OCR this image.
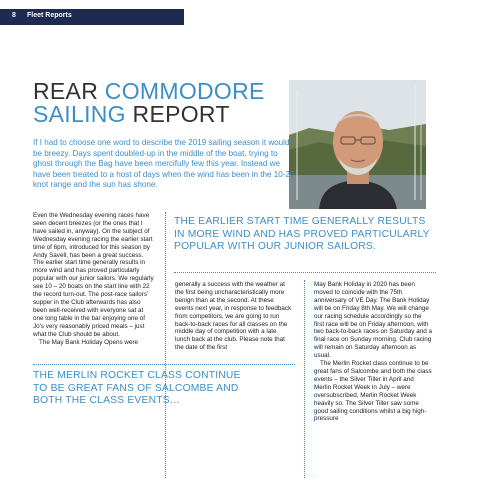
8 Fleet Reports
REAR COMMODORE
SAILING REPORT
If I had to choose one word to describe the 2019 sailing season it would be breezy. Days spent doubled-up in the middle of the boat, trying to ghost through the Bag have been mercifully few this year. Instead we have been treated to a host of days when the wind has been in the 10-20 knot range and the sun has shone.

Even the Wednesday evening races have seen decent breezes (or the ones that I have sailed in, anyway). On the subject of Wednesday evening racing the earlier start time of 6pm, introduced for this season by Andy Savell, has been a great success. The earlier start time generally results in more wind and has proved particularly popular with our junior sailors. We regularly see 10 – 20 boats on the start line with 22 the record turn-out. The post-race sailors' supper in the Club afterwards has also been well-received with everyone sat at one long table in the bar enjoying one of Jo's very reasonably priced meals – just what the Club should be about.

The May Bank Holiday Opens were

THE EARLIER START TIME GENERALLY RESULTS IN MORE WIND AND HAS PROVED PARTICULARLY POPULAR WITH OUR JUNIOR SAILORS.

generally a success with the weather at the first being uncharacteristically more benign than at the second. At these events next year, in response to feedback from competitors, we are going to run back-to-back races for all classes on the middle day of competition with a late lunch back at the club. Please note that the date of the first

May Bank Holiday in 2020 has been moved to coincide with the 75th anniversary of VE Day. The Bank Holiday will be on Friday 8th May. We will change our racing schedule accordingly so the first race will be on Friday afternoon, with two back-to-back races on Saturday and a final race on Sunday morning. Club racing will remain on Saturday afternoon as usual.

The Merlin Rocket class continue to be great fans of Salcombe and both the class events – the Silver Tiller in April and Merlin Rocket Week in July – were oversubscribed, Merlin Rocket Week heavily so. The Silver Tiller saw some good sailing conditions whilst a big high-pressure

THE MERLIN ROCKET CLASS CONTINUE TO BE GREAT FANS OF SALCOMBE AND BOTH THE CLASS EVENTS…
